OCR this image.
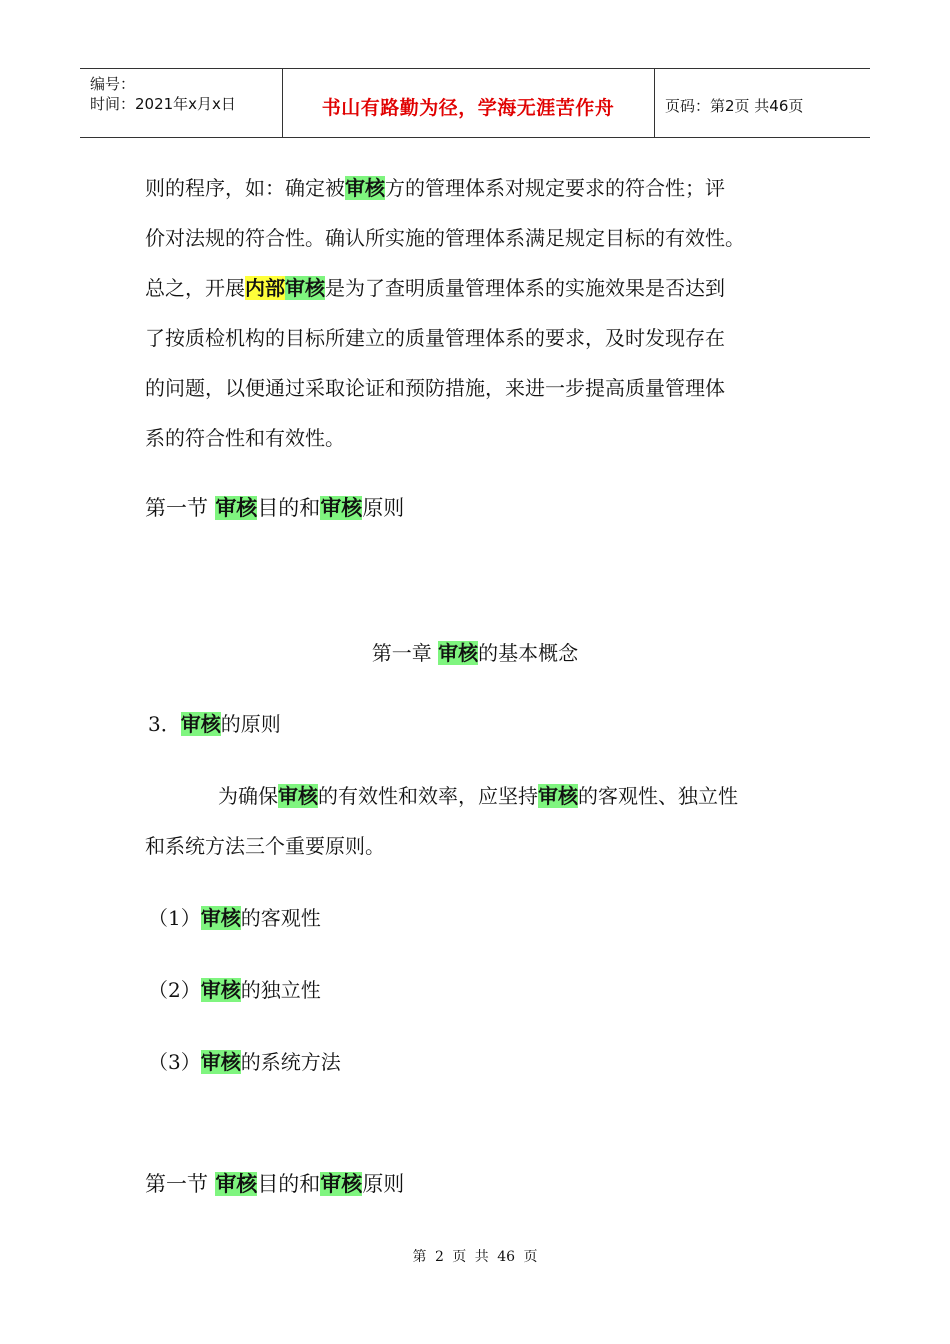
编号：
时间：2021年x月x日	书山有路勤为径，学海无涯苦作舟	页码：第2页 共46页
则的程序，如：确定被审核方的管理体系对规定要求的符合性；评
价对法规的符合性。确认所实施的管理体系满足规定目标的有效性。
总之，开展内部审核是为了查明质量管理体系的实施效果是否达到
了按质检机构的目标所建立的质量管理体系的要求，及时发现存在
的问题，以便通过采取论证和预防措施，来进一步提高质量管理体
系的符合性和有效性。
第一节 审核目的和审核原则
第一章 审核的基本概念
3．审核的原则
为确保审核的有效性和效率，应坚持审核的客观性、独立性
和系统方法三个重要原则。
（1）审核的客观性
（2）审核的独立性
（3）审核的系统方法
第一节 审核目的和审核原则
第 2 页 共 46 页
